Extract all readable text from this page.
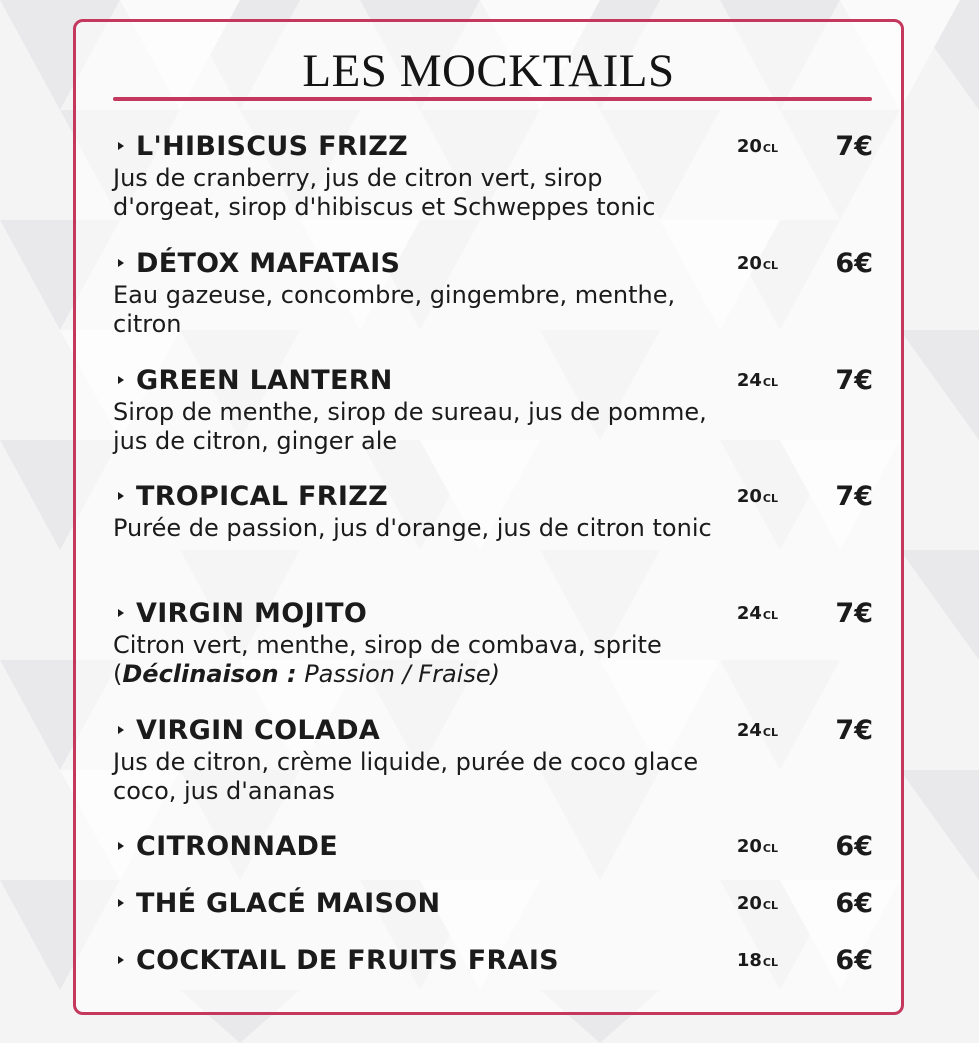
LES MOCKTAILS
L'HIBISCUS FRIZZ	20CL 7€

Jus de cranberry, jus de citron vert, sirop d'orgeat, sirop d'hibiscus et Schweppes tonic

DÉTOX MAFATAIS	20CL 6€

Eau gazeuse, concombre, gingembre, menthe, citron

GREEN LANTERN	24CL 7€

Sirop de menthe, sirop de sureau, jus de pomme, jus de citron, ginger ale

TROPICAL FRIZZ	20CL 7€

Purée de passion, jus d'orange, jus de citron tonic

VIRGIN MOJITO	24CL 7€

Citron vert, menthe, sirop de combava, sprite (Déclinaison : Passion / Fraise)

VIRGIN COLADA	24CL 7€

Jus de citron, crème liquide, purée de coco glace coco, jus d'ananas

CITRONNADE	20CL 6€
THÉ GLACÉ MAISON	20CL 6€
COCKTAIL DE FRUITS FRAIS	18CL 6€
